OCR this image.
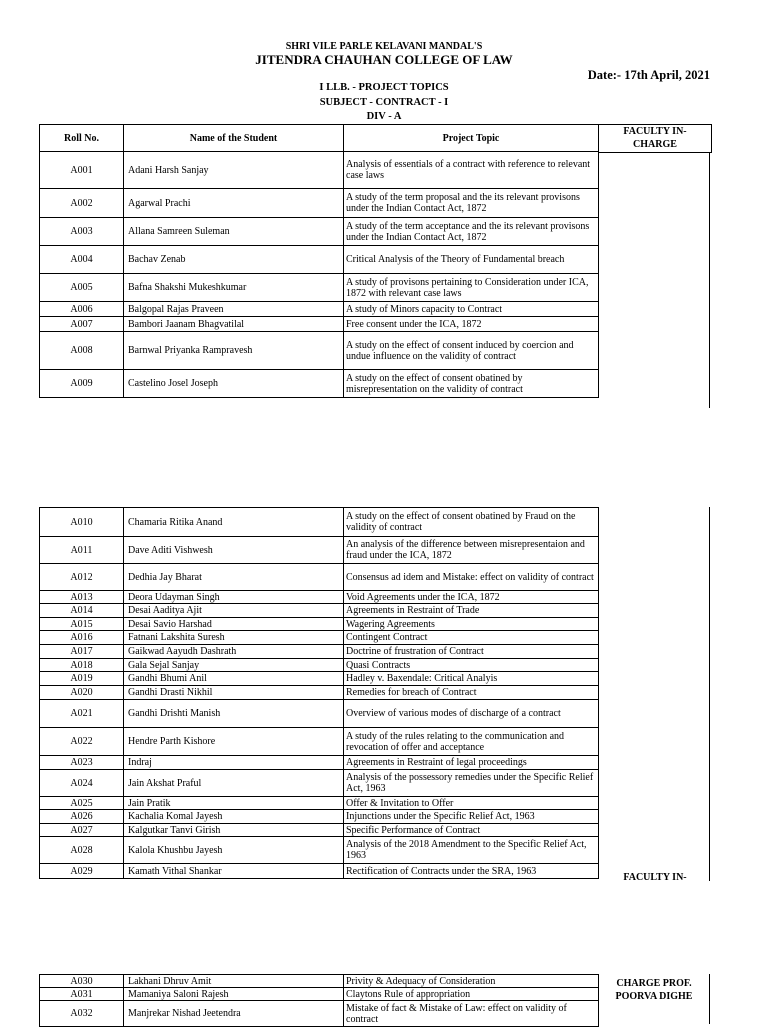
SHRI VILE PARLE KELAVANI MANDAL'S
JITENDRA CHAUHAN COLLEGE OF LAW
Date:- 17th April, 2021
I LLB. - PROJECT TOPICS
SUBJECT - CONTRACT - I
DIV - A
Roll No.	Name of the Student	Project Topic
A001	Adani Harsh Sanjay	Analysis of essentials of a contract with reference to relevant case laws
A002	Agarwal Prachi	A study of the term proposal and the its relevant provisons under the Indian Contact Act, 1872
A003	Allana Samreen Suleman	A study of the term acceptance and the its relevant provisons under the Indian Contact Act, 1872
A004	Bachav Zenab	Critical Analysis of the Theory of Fundamental breach
A005	Bafna Shakshi Mukeshkumar	A study of provisons pertaining to Consideration under ICA, 1872 with relevant case laws
A006	Balgopal Rajas Praveen	A study of Minors capacity to Contract
A007	Bambori Jaanam Bhagvatilal	Free consent under the ICA, 1872
A008	Barnwal Priyanka Rampravesh	A study on the effect of consent induced by coercion and undue influence on the validity of contract
A009	Castelino Josel Joseph	A study on the effect of consent obatined by misrepresentation on the validity of contract
FACULTY IN-CHARGE
A010	Chamaria Ritika Anand	A study on the effect of consent obatined by Fraud on the validity of contract
A011	Dave Aditi Vishwesh	An analysis of the difference between misrepresentaion and fraud under the ICA, 1872
A012	Dedhia Jay Bharat	Consensus ad idem and Mistake: effect on validity of contract
A013	Deora Udayman Singh	Void Agreements under the ICA, 1872
A014	Desai Aaditya Ajit	Agreements in Restraint of Trade
A015	Desai Savio Harshad	Wagering Agreements
A016	Fatnani Lakshita Suresh	Contingent Contract
A017	Gaikwad Aayudh Dashrath	Doctrine of frustration of Contract
A018	Gala Sejal Sanjay	Quasi Contracts
A019	Gandhi Bhumi Anil	Hadley v. Baxendale: Critical Analyis
A020	Gandhi Drasti Nikhil	Remedies for breach of Contract
A021	Gandhi Drishti Manish	Overview of various modes of discharge of a contract
A022	Hendre Parth Kishore	A study of the rules relating to the communication and revocation of offer and acceptance
A023	Indraj	Agreements in Restraint of legal proceedings
A024	Jain Akshat Praful	Analysis of the possessory remedies under the Specific Relief Act, 1963
A025	Jain Pratik	Offer & Invitation to Offer
A026	Kachalia Komal Jayesh	Injunctions under the Specific Relief Act, 1963
A027	Kalgutkar Tanvi Girish	Specific Performance of Contract
A028	Kalola Khushbu Jayesh	Analysis of the 2018 Amendment to the Specific Relief Act, 1963
A029	Kamath Vithal Shankar	Rectification of Contracts under the SRA, 1963
FACULTY IN-
A030	Lakhani Dhruv Amit	Privity & Adequacy of Consideration
A031	Mamaniya Saloni Rajesh	Claytons Rule of appropriation
A032	Manjrekar Nishad Jeetendra	Mistake of fact & Mistake of Law: effect on validity of contract
CHARGE PROF. POORVA DIGHE
